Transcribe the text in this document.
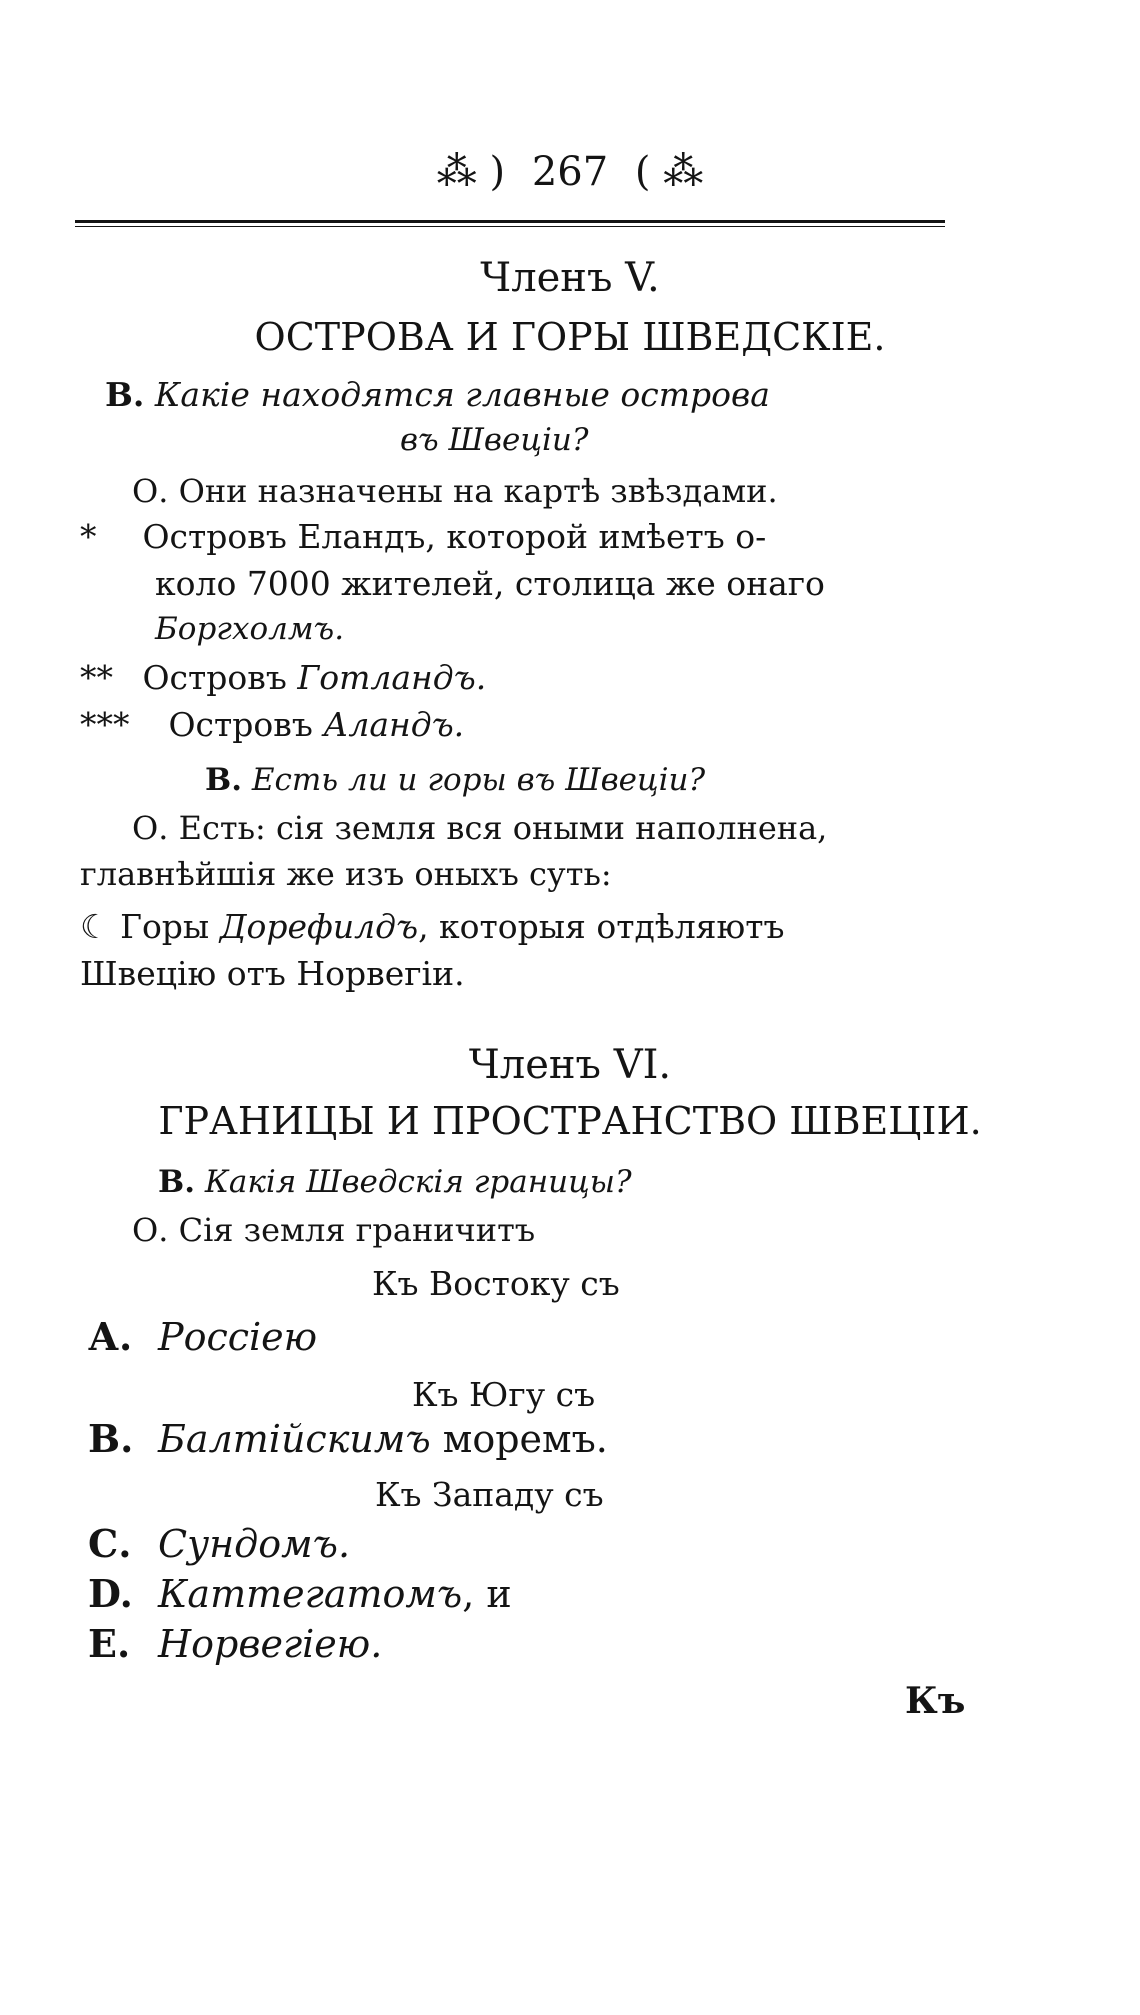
⁂ ) 267 ( ⁂
Членъ V.
ОСТРОВА И ГОРЫ ШВЕДСКIЕ.
В. Какiе находятся главные острова
въ Швецiи?
О. Они назначены на картѣ звѣздами.
* Островъ Еландъ, которой имѣетъ о-
коло 7000 жителей, столица же онаго
Боргхолмъ.
** Островъ Готландъ.
*** Островъ Аландъ.
В. Есть ли и горы въ Швецiи?
О. Есть: сiя земля вся оными наполнена,
главнѣйшiя же изъ оныхъ суть:
☾ Горы Дорефилдъ, которыя отдѣляютъ
Швецiю отъ Норвегiи.
Членъ VI.
ГРАНИЦЫ И ПРОСТРАНСТВО ШВЕЦIИ.
В. Какiя Шведскiя границы?
О. Сiя земля граничитъ
Къ Востоку съ
А. Россiею
Къ Югу съ
В. Балтiйскимъ моремъ.
Къ Западу съ
С. Сундомъ.
D. Каттегатомъ, и
Е. Норвегiею.
Къ
